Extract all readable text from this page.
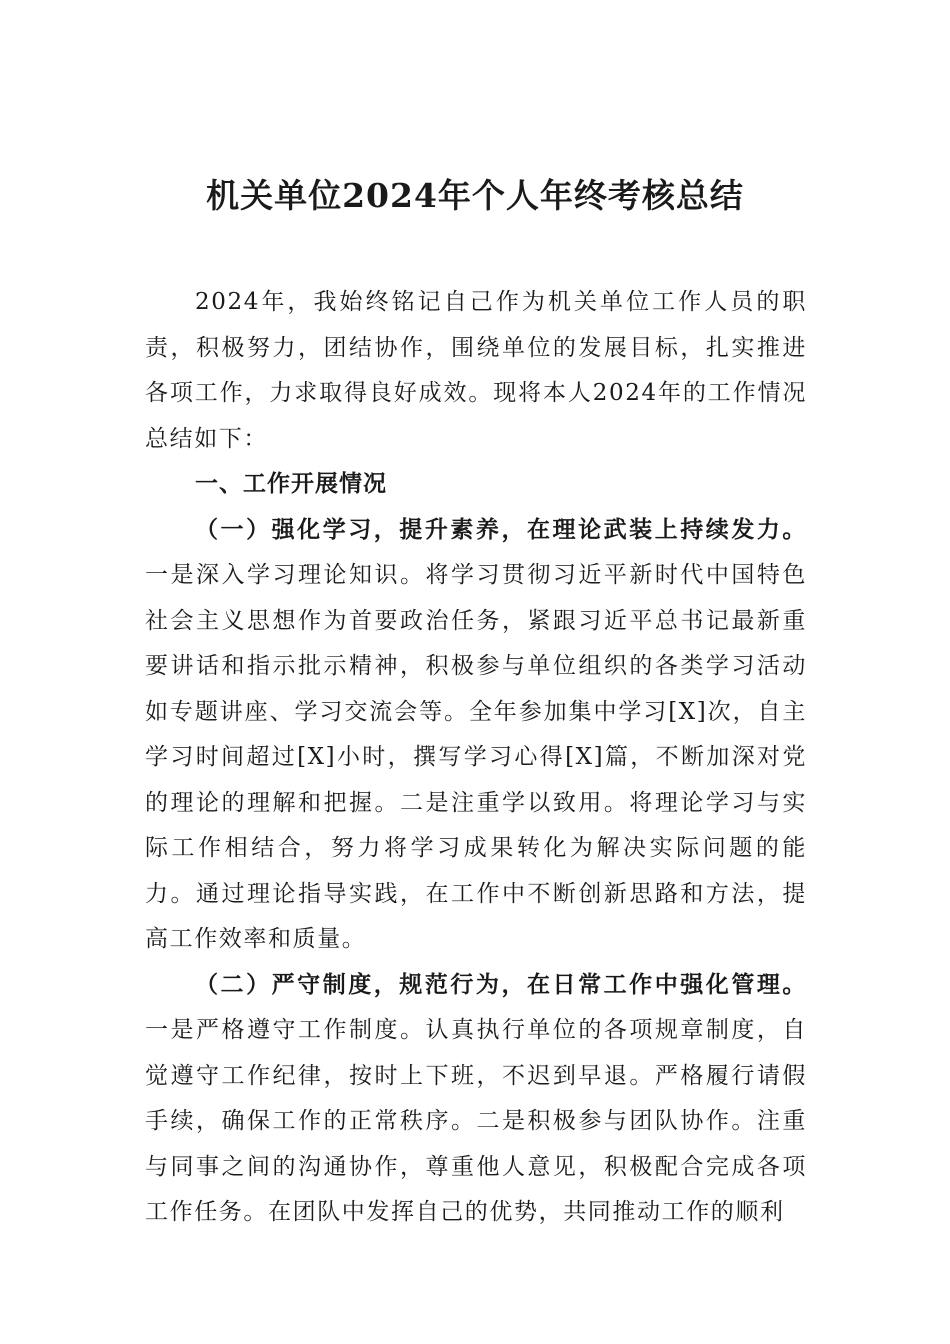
机关单位2024年个人年终考核总结

2024年，我始终铭记自己作为机关单位工作人员的职责，积极努力，团结协作，围绕单位的发展目标，扎实推进各项工作，力求取得良好成效。现将本人2024年的工作情况总结如下：

一、工作开展情况

（一）强化学习，提升素养，在理论武装上持续发力。一是深入学习理论知识。将学习贯彻习近平新时代中国特色社会主义思想作为首要政治任务，紧跟习近平总书记最新重要讲话和指示批示精神，积极参与单位组织的各类学习活动如专题讲座、学习交流会等。全年参加集中学习[X]次，自主学习时间超过[X]小时，撰写学习心得[X]篇，不断加深对党的理论的理解和把握。二是注重学以致用。将理论学习与实际工作相结合，努力将学习成果转化为解决实际问题的能力。通过理论指导实践，在工作中不断创新思路和方法，提高工作效率和质量。

（二）严守制度，规范行为，在日常工作中强化管理。一是严格遵守工作制度。认真执行单位的各项规章制度，自觉遵守工作纪律，按时上下班，不迟到早退。严格履行请假手续，确保工作的正常秩序。二是积极参与团队协作。注重与同事之间的沟通协作，尊重他人意见，积极配合完成各项工作任务。在团队中发挥自己的优势，共同推动工作的顺利
